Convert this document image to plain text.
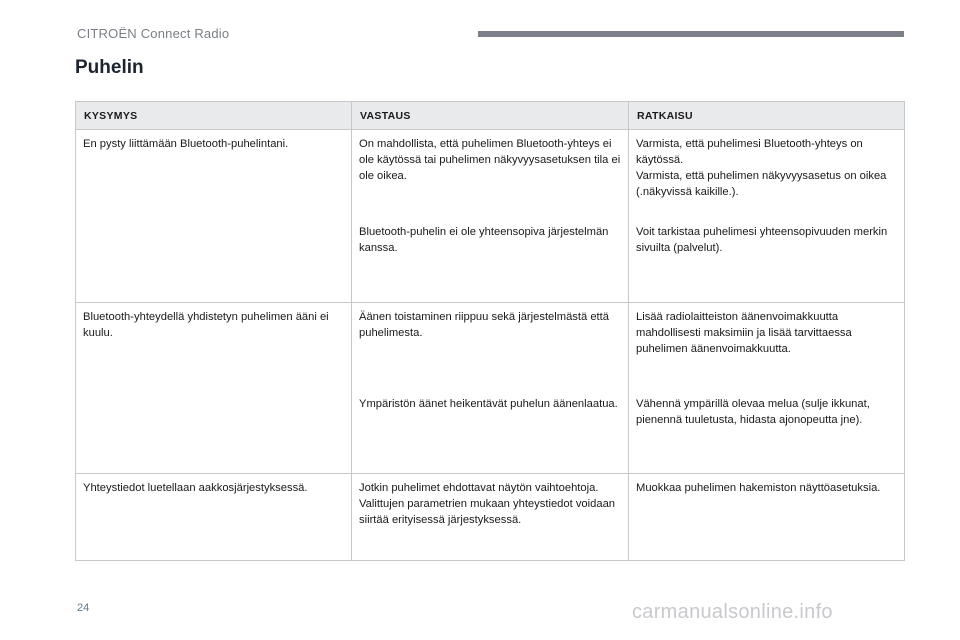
CITROËN Connect Radio
Puhelin
KYSYMYS	VASTAUS	RATKAISU
En pysty liittämään Bluetooth-puhelintani.	On mahdollista, että puhelimen Bluetooth-yhteys ei ole käytössä tai puhelimen näkyvyysasetuksen tila ei ole oikea.	Varmista, että puhelimesi Bluetooth-yhteys on käytössä.
Varmista, että puhelimen näkyvyysasetus on oikea (.näkyvissä kaikille.).
	Bluetooth-puhelin ei ole yhteensopiva järjestelmän kanssa.	Voit tarkistaa puhelimesi yhteensopivuuden merkin sivuilta (palvelut).
Bluetooth-yhteydellä yhdistetyn puhelimen ääni ei kuulu.	Äänen toistaminen riippuu sekä järjestelmästä että puhelimesta.	Lisää radiolaitteiston äänenvoimakkuutta mahdollisesti maksimiin ja lisää tarvittaessa puhelimen äänenvoimakkuutta.
	Ympäristön äänet heikentävät puhelun äänenlaatua.	Vähennä ympärillä olevaa melua (sulje ikkunat, pienennä tuuletusta, hidasta ajonopeutta jne).
Yhteystiedot luetellaan aakkosjärjestyksessä.	Jotkin puhelimet ehdottavat näytön vaihtoehtoja. Valittujen parametrien mukaan yhteystiedot voidaan siirtää erityisessä järjestyksessä.	Muokkaa puhelimen hakemiston näyttöasetuksia.
24	carmanualsonline.info
